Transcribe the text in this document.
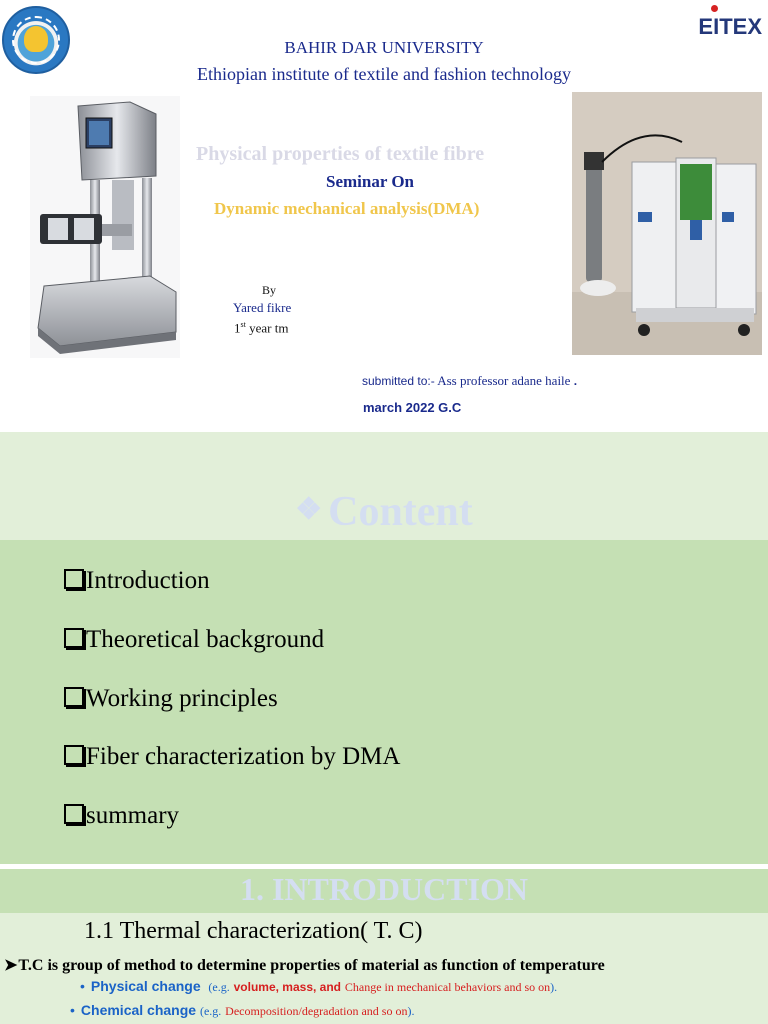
EITEX
BAHIR DAR UNIVERSITY
Ethiopian institute of textile and fashion technology
Physical properties of textile fibre
Seminar On
Dynamic mechanical analysis(DMA)
By
Yared fikre
1st year tm
submitted to:- Ass professor adane haile .
march 2022 G.C
❖ Content
Introduction
Theoretical background
Working principles
Fiber characterization by DMA
summary
1. INTRODUCTION
1.1 Thermal characterization( T. C)
➤T.C is group of method to determine properties of material as function of temperature
• Physical change (e.g. volume, mass, and Change in mechanical behaviors and so on).
• Chemical change (e.g. Decomposition/degradation and so on).
